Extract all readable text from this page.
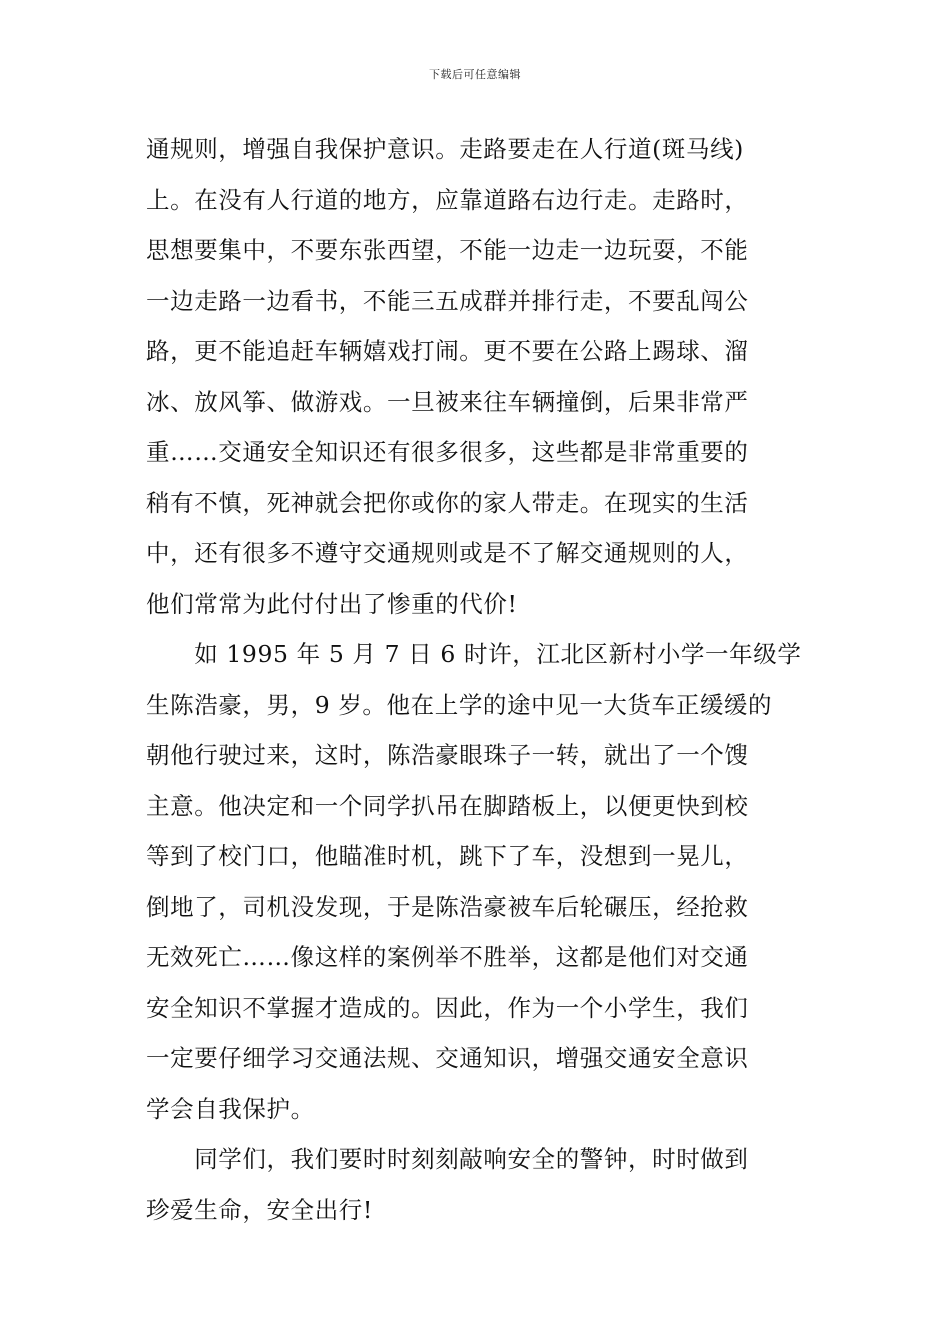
下载后可任意编辑
通规则，增强自我保护意识。走路要走在人行道(斑马线)
上。在没有人行道的地方，应靠道路右边行走。走路时，
思想要集中，不要东张西望，不能一边走一边玩耍，不能
一边走路一边看书，不能三五成群并排行走，不要乱闯公
路，更不能追赶车辆嬉戏打闹。更不要在公路上踢球、溜
冰、放风筝、做游戏。一旦被来往车辆撞倒，后果非常严
重……交通安全知识还有很多很多，这些都是非常重要的
稍有不慎，死神就会把你或你的家人带走。在现实的生活
中，还有很多不遵守交通规则或是不了解交通规则的人，
他们常常为此付付出了惨重的代价!
　　如 1995 年 5 月 7 日 6 时许，江北区新村小学一年级学
生陈浩豪，男，9 岁。他在上学的途中见一大货车正缓缓的
朝他行驶过来，这时，陈浩豪眼珠子一转，就出了一个馊
主意。他决定和一个同学扒吊在脚踏板上，以便更快到校
等到了校门口，他瞄准时机，跳下了车，没想到一晃儿，
倒地了，司机没发现，于是陈浩豪被车后轮碾压，经抢救
无效死亡……像这样的案例举不胜举，这都是他们对交通
安全知识不掌握才造成的。因此，作为一个小学生，我们
一定要仔细学习交通法规、交通知识，增强交通安全意识
学会自我保护。
　　同学们，我们要时时刻刻敲响安全的警钟，时时做到
珍爱生命，安全出行!
